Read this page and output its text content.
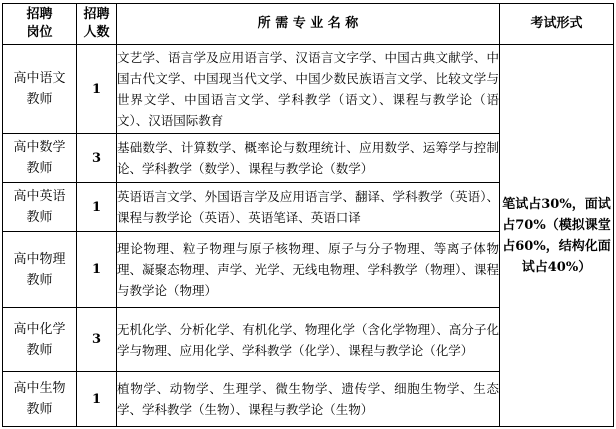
招聘
岗位	招聘
人数	所 需 专 业 名 称	考试形式

高中语文
教师	1	文艺学、语言学及应用语言学、汉语言文字学、中国古典文献学、中国古代文学、中国现当代文学、中国少数民族语言文学、比较文学与世界文学、中国语言文学、学科教学（语文）、课程与教学论（语文）、汉语国际教育	笔试占30%，面试
占70%（模拟课堂
占60%，结构化面
试占40%）

高中数学
教师	3	基础数学、计算数学、概率论与数理统计、应用数学、运筹学与控制论、学科教学（数学）、课程与教学论（数学）	

高中英语
教师	1	英语语言文学、外国语言学及应用语言学、翻译、学科教学（英语）、课程与教学论（英语）、英语笔译、英语口译	

高中物理
教师	1	理论物理、粒子物理与原子核物理、原子与分子物理、等离子体物理、凝聚态物理、声学、光学、无线电物理、学科教学（物理）、课程与教学论（物理）	

高中化学
教师	3	无机化学、分析化学、有机化学、物理化学（含化学物理）、高分子化学与物理、应用化学、学科教学（化学）、课程与教学论（化学）	

高中生物
教师	1	植物学、动物学、生理学、微生物学、遗传学、细胞生物学、生态学、学科教学（生物）、课程与教学论（生物）	
